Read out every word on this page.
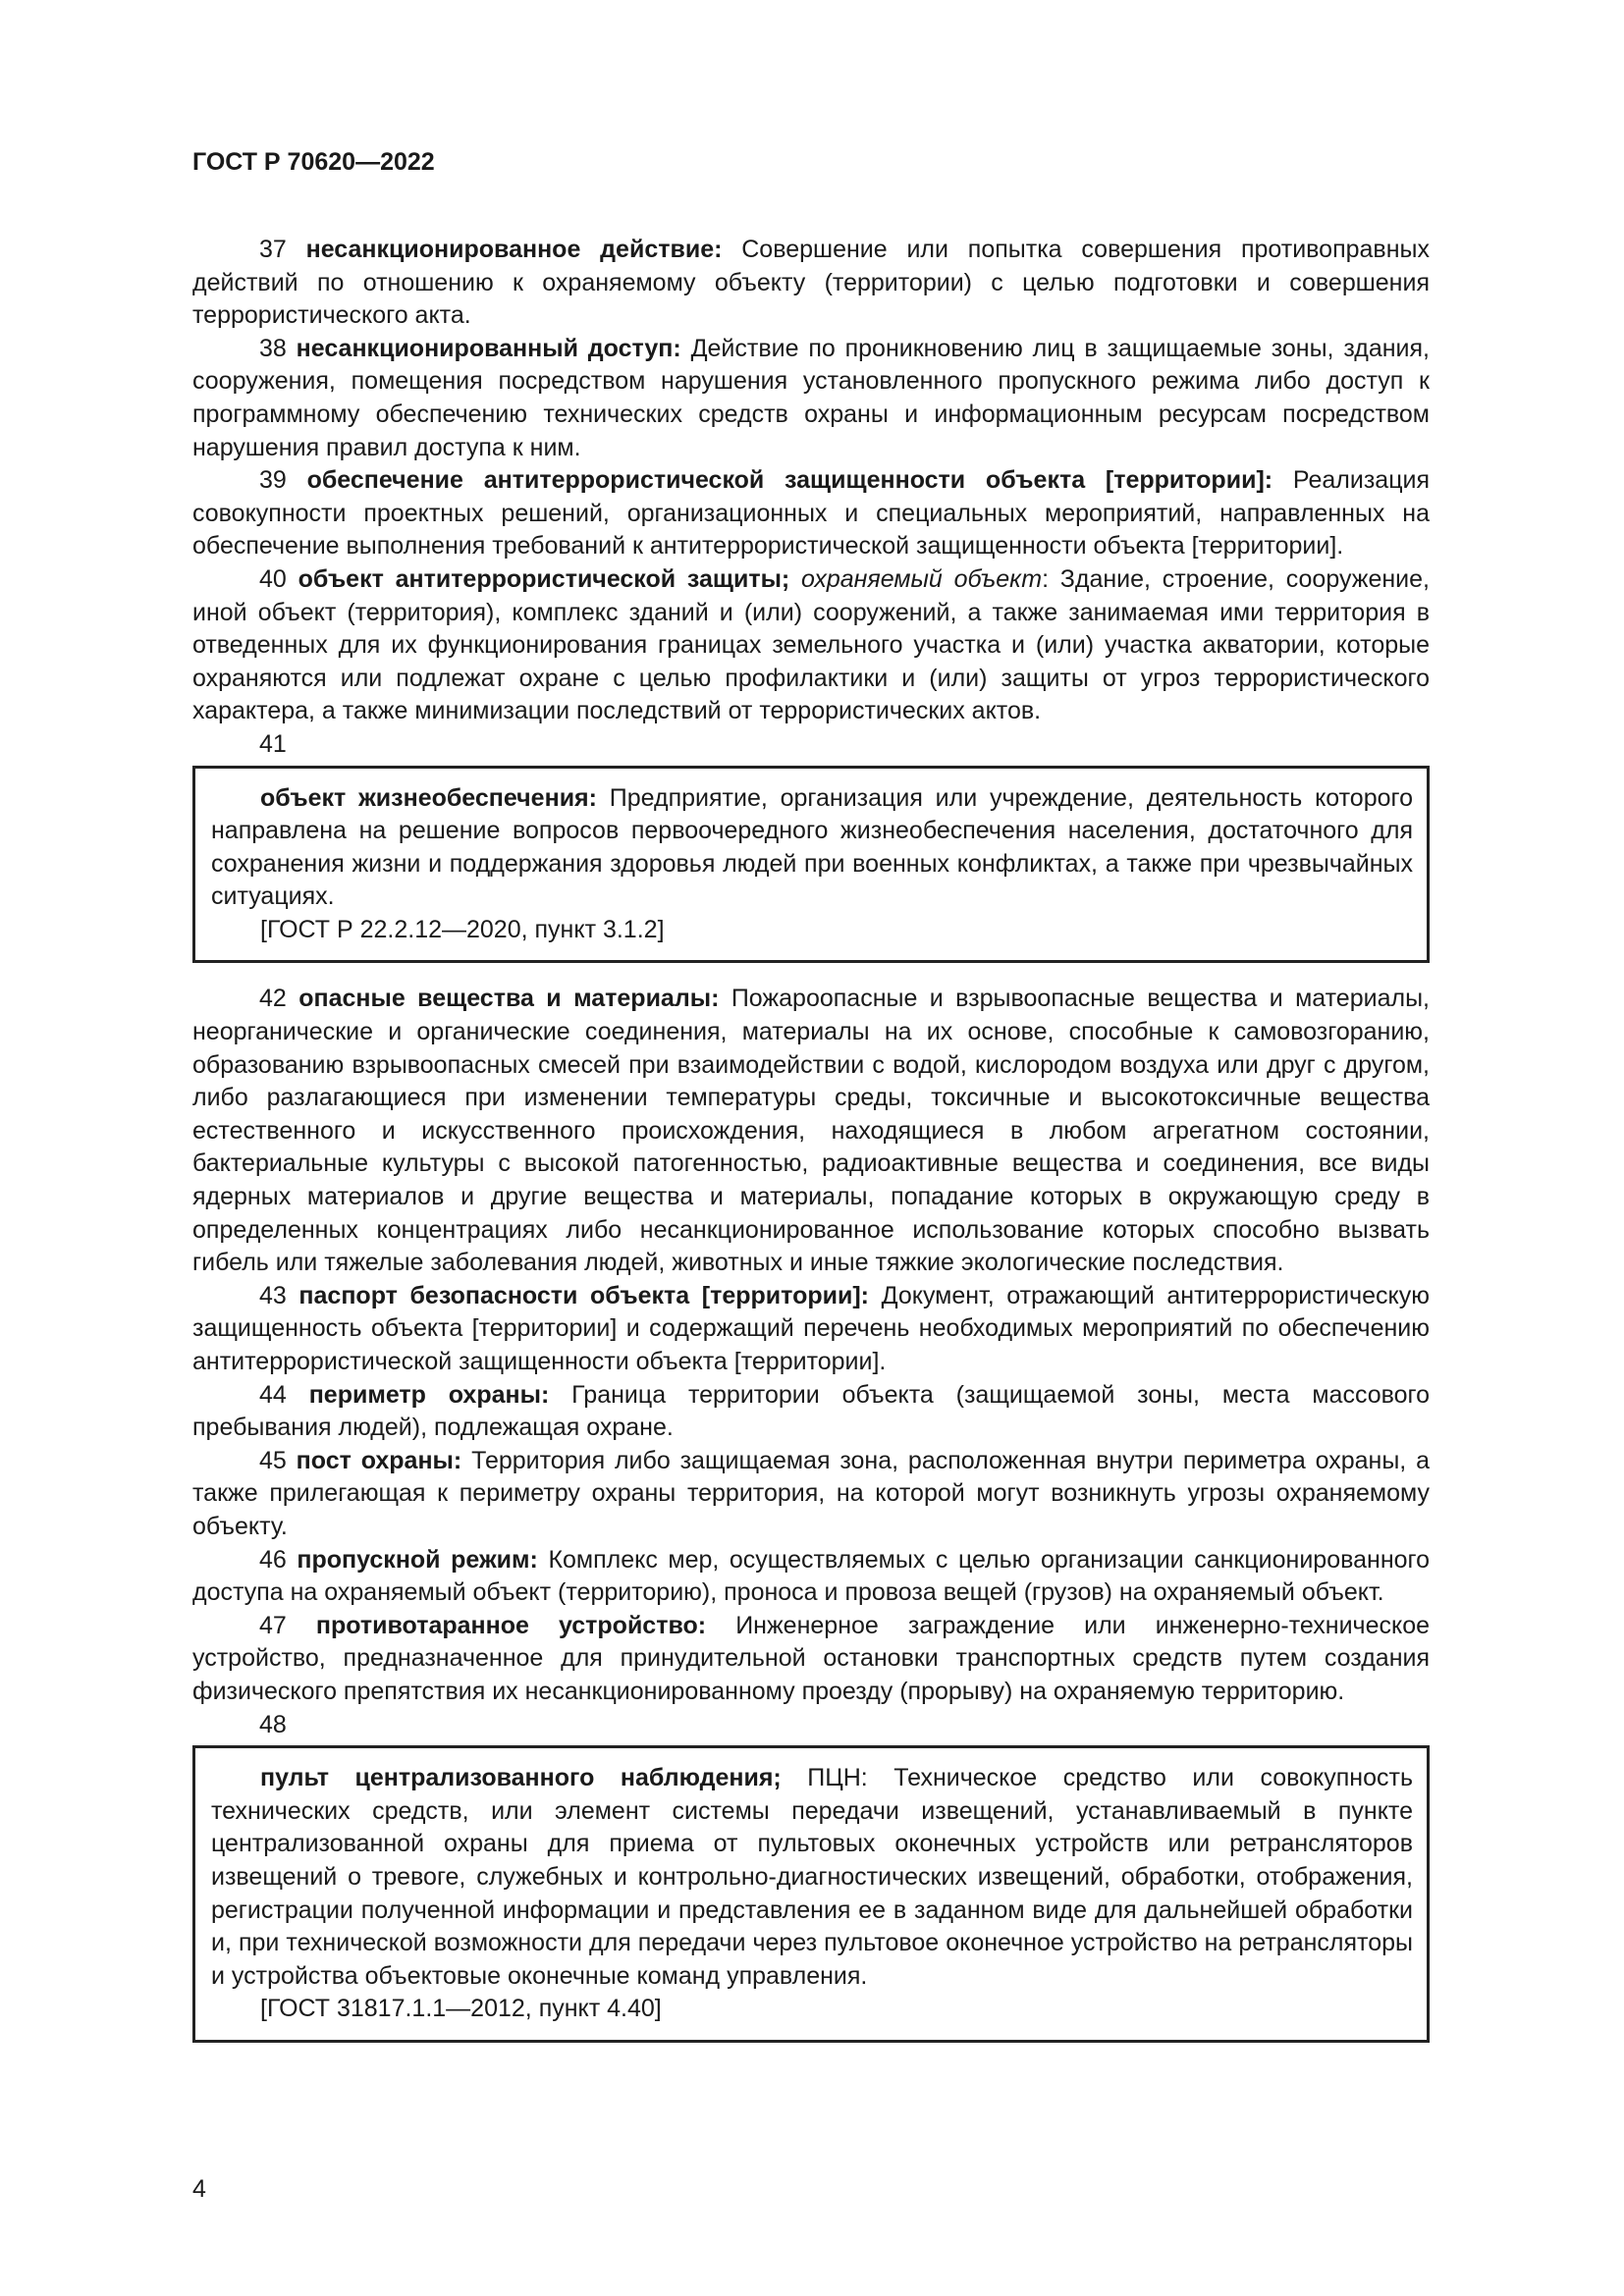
ГОСТ Р 70620—2022

37 несанкционированное действие: Совершение или попытка совершения противоправных действий по отношению к охраняемому объекту (территории) с целью подготовки и совершения террористического акта.

38 несанкционированный доступ: Действие по проникновению лиц в защищаемые зоны, здания, сооружения, помещения посредством нарушения установленного пропускного режима либо доступ к программному обеспечению технических средств охраны и информационным ресурсам посредством нарушения правил доступа к ним.

39 обеспечение антитеррористической защищенности объекта [территории]: Реализация совокупности проектных решений, организационных и специальных мероприятий, направленных на обеспечение выполнения требований к антитеррористической защищенности объекта [территории].

40 объект антитеррористической защиты; охраняемый объект: Здание, строение, сооружение, иной объект (территория), комплекс зданий и (или) сооружений, а также занимаемая ими территория в отведенных для их функционирования границах земельного участка и (или) участка акватории, которые охраняются или подлежат охране с целью профилактики и (или) защиты от угроз террористического характера, а также минимизации последствий от террористических актов.

41

объект жизнеобеспечения: Предприятие, организация или учреждение, деятельность которого направлена на решение вопросов первоочередного жизнеобеспечения населения, достаточного для сохранения жизни и поддержания здоровья людей при военных конфликтах, а также при чрезвычайных ситуациях.

[ГОСТ Р 22.2.12—2020, пункт 3.1.2]

42 опасные вещества и материалы: Пожароопасные и взрывоопасные вещества и материалы, неорганические и органические соединения, материалы на их основе, способные к самовозгоранию, образованию взрывоопасных смесей при взаимодействии с водой, кислородом воздуха или друг с другом, либо разлагающиеся при изменении температуры среды, токсичные и высокотоксичные вещества естественного и искусственного происхождения, находящиеся в любом агрегатном состоянии, бактериальные культуры с высокой патогенностью, радиоактивные вещества и соединения, все виды ядерных материалов и другие вещества и материалы, попадание которых в окружающую среду в определенных концентрациях либо несанкционированное использование которых способно вызвать гибель или тяжелые заболевания людей, животных и иные тяжкие экологические последствия.

43 паспорт безопасности объекта [территории]: Документ, отражающий антитеррористическую защищенность объекта [территории] и содержащий перечень необходимых мероприятий по обеспечению антитеррористической защищенности объекта [территории].

44 периметр охраны: Граница территории объекта (защищаемой зоны, места массового пребывания людей), подлежащая охране.

45 пост охраны: Территория либо защищаемая зона, расположенная внутри периметра охраны, а также прилегающая к периметру охраны территория, на которой могут возникнуть угрозы охраняемому объекту.

46 пропускной режим: Комплекс мер, осуществляемых с целью организации санкционированного доступа на охраняемый объект (территорию), проноса и провоза вещей (грузов) на охраняемый объект.

47 противотаранное устройство: Инженерное заграждение или инженерно-техническое устройство, предназначенное для принудительной остановки транспортных средств путем создания физического препятствия их несанкционированному проезду (прорыву) на охраняемую территорию.

48

пульт централизованного наблюдения; ПЦН: Техническое средство или совокупность технических средств, или элемент системы передачи извещений, устанавливаемый в пункте централизованной охраны для приема от пультовых оконечных устройств или ретрансляторов извещений о тревоге, служебных и контрольно-диагностических извещений, обработки, отображения, регистрации полученной информации и представления ее в заданном виде для дальнейшей обработки и, при технической возможности для передачи через пультовое оконечное устройство на ретрансляторы и устройства объектовые оконечные команд управления.

[ГОСТ 31817.1.1—2012, пункт 4.40]

4
